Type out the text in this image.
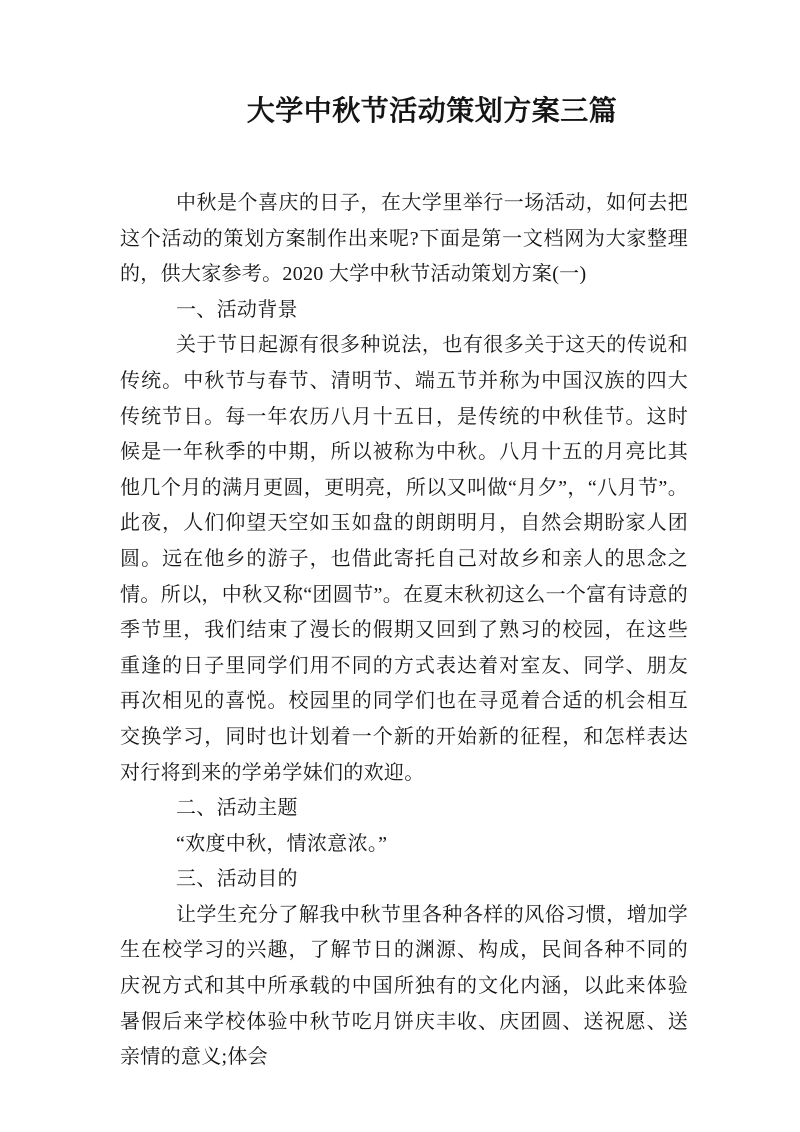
大学中秋节活动策划方案三篇

中秋是个喜庆的日子，在大学里举行一场活动，如何去把这个活动的策划方案制作出来呢?下面是第一文档网为大家整理的，供大家参考。2020 大学中秋节活动策划方案(一)

一、活动背景

关于节日起源有很多种说法，也有很多关于这天的传说和传统。中秋节与春节、清明节、端五节并称为中国汉族的四大传统节日。每一年农历八月十五日，是传统的中秋佳节。这时候是一年秋季的中期，所以被称为中秋。八月十五的月亮比其他几个月的满月更圆，更明亮，所以又叫做“月夕”，“八月节”。此夜，人们仰望天空如玉如盘的朗朗明月，自然会期盼家人团圆。远在他乡的游子，也借此寄托自己对故乡和亲人的思念之情。所以，中秋又称“团圆节”。在夏末秋初这么一个富有诗意的季节里，我们结束了漫长的假期又回到了熟习的校园，在这些重逢的日子里同学们用不同的方式表达着对室友、同学、朋友再次相见的喜悦。校园里的同学们也在寻觅着合适的机会相互交换学习，同时也计划着一个新的开始新的征程，和怎样表达对行将到来的学弟学妹们的欢迎。

二、活动主题

“欢度中秋，情浓意浓。”

三、活动目的

让学生充分了解我中秋节里各种各样的风俗习惯，增加学生在校学习的兴趣，了解节日的渊源、构成，民间各种不同的庆祝方式和其中所承载的中国所独有的文化内涵，以此来体验暑假后来学校体验中秋节吃月饼庆丰收、庆团圆、送祝愿、送亲情的意义;体会
